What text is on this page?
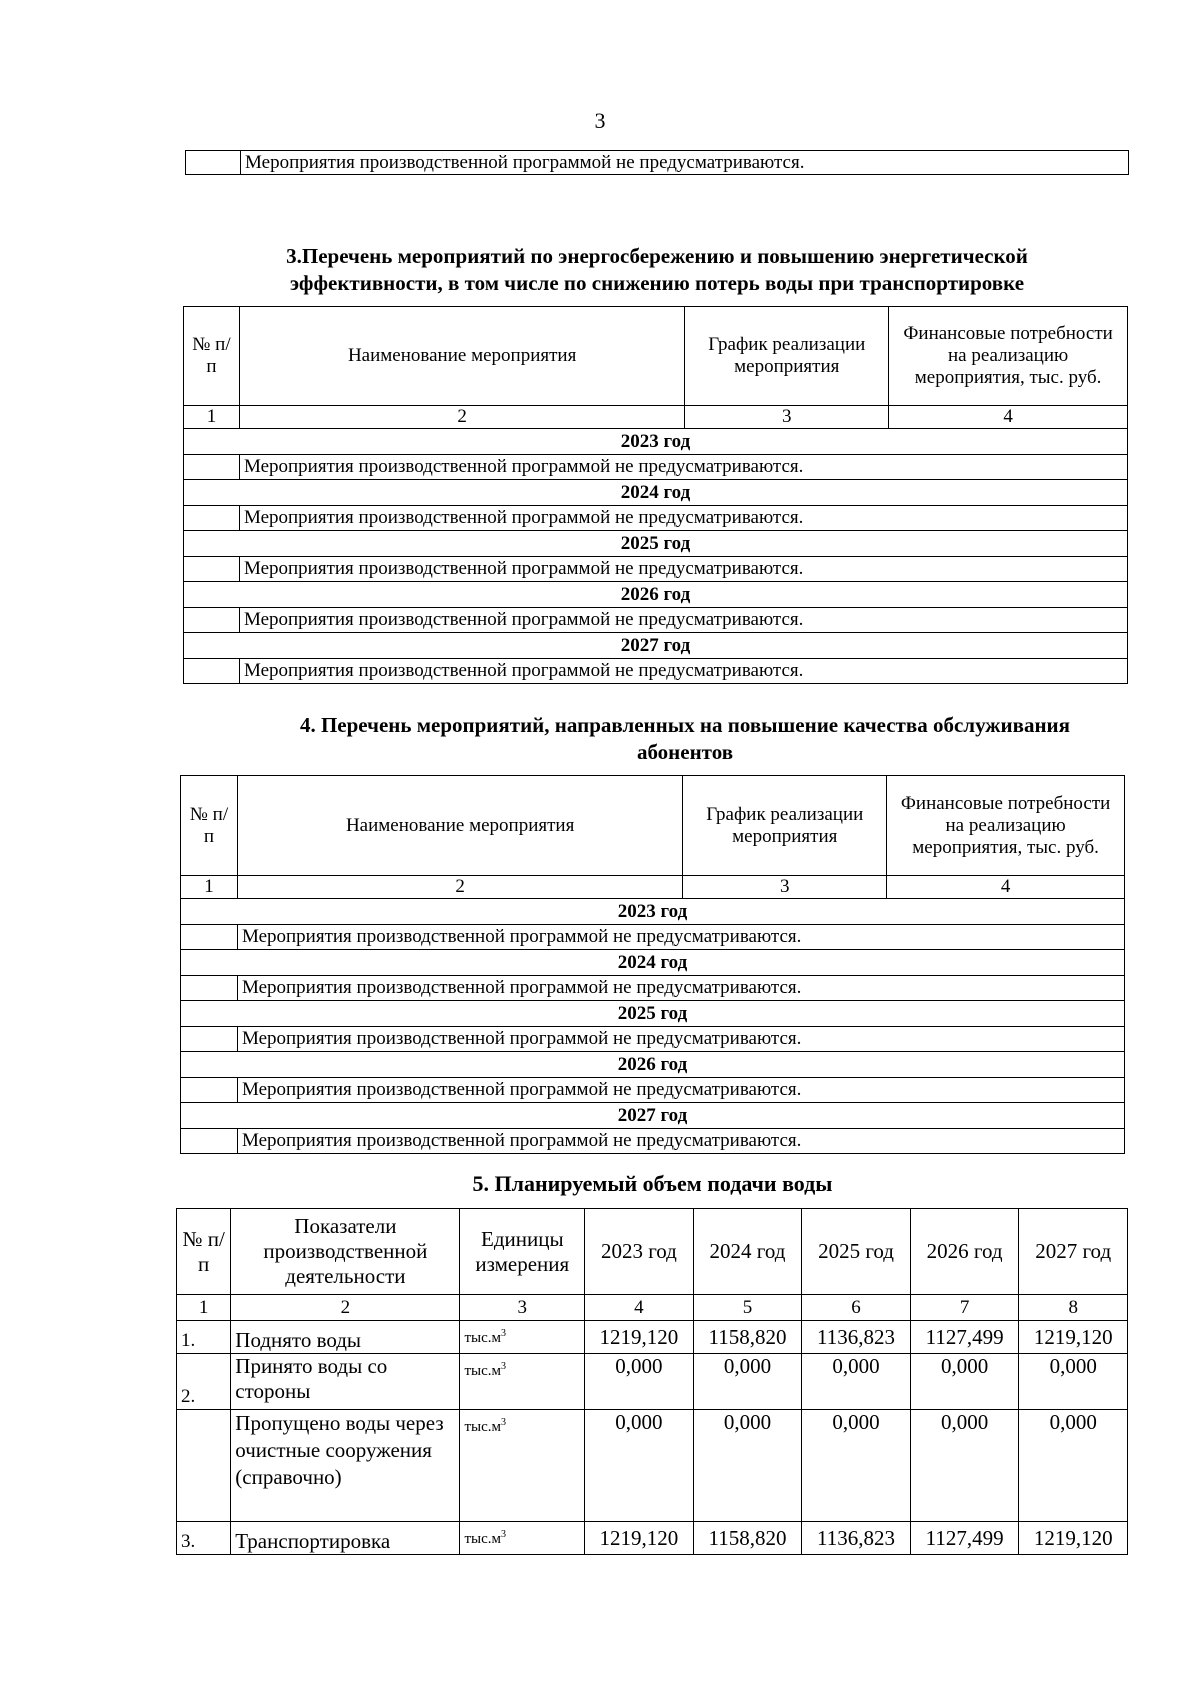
3
	Мероприятия производственной программой не предусматриваются.
3.Перечень мероприятий по энергосбережению и повышению энергетической
эффективности, в том числе по снижению потерь воды при транспортировке
№ п/п	Наименование мероприятия	График реализации мероприятия	Финансовые потребности на реализацию мероприятия, тыс. руб.
1	2	3	4
2023 год			
	Мероприятия производственной программой не предусматриваются.		
2024 год			
	Мероприятия производственной программой не предусматриваются.		
2025 год			
	Мероприятия производственной программой не предусматриваются.		
2026 год			
	Мероприятия производственной программой не предусматриваются.		
2027 год			
	Мероприятия производственной программой не предусматриваются.		
4. Перечень мероприятий, направленных на повышение качества обслуживания
абонентов
№ п/п	Наименование мероприятия	График реализации мероприятия	Финансовые потребности на реализацию мероприятия, тыс. руб.
1	2	3	4
2023 год			
	Мероприятия производственной программой не предусматриваются.		
2024 год			
	Мероприятия производственной программой не предусматриваются.		
2025 год			
	Мероприятия производственной программой не предусматриваются.		
2026 год			
	Мероприятия производственной программой не предусматриваются.		
2027 год			
	Мероприятия производственной программой не предусматриваются.		
5. Планируемый объем подачи воды
№ п/п	Показатели производственной деятельности	Единицы измерения	2023 год	2024 год	2025 год	2026 год	2027 год
1	2	3	4	5	6	7	8
1.	Поднято воды	$тыс.м^3$	1219,120	1158,820	1136,823	1127,499	1219,120
2.	Принято воды со стороны	$тыс.м^3$	0,000	0,000	0,000	0,000	0,000
	Пропущено воды через очистные сооружения (справочно)	$тыс.м^3$	0,000	0,000	0,000	0,000	0,000
3.	Транспортировка	$тыс.м^3$	1219,120	1158,820	1136,823	1127,499	1219,120
